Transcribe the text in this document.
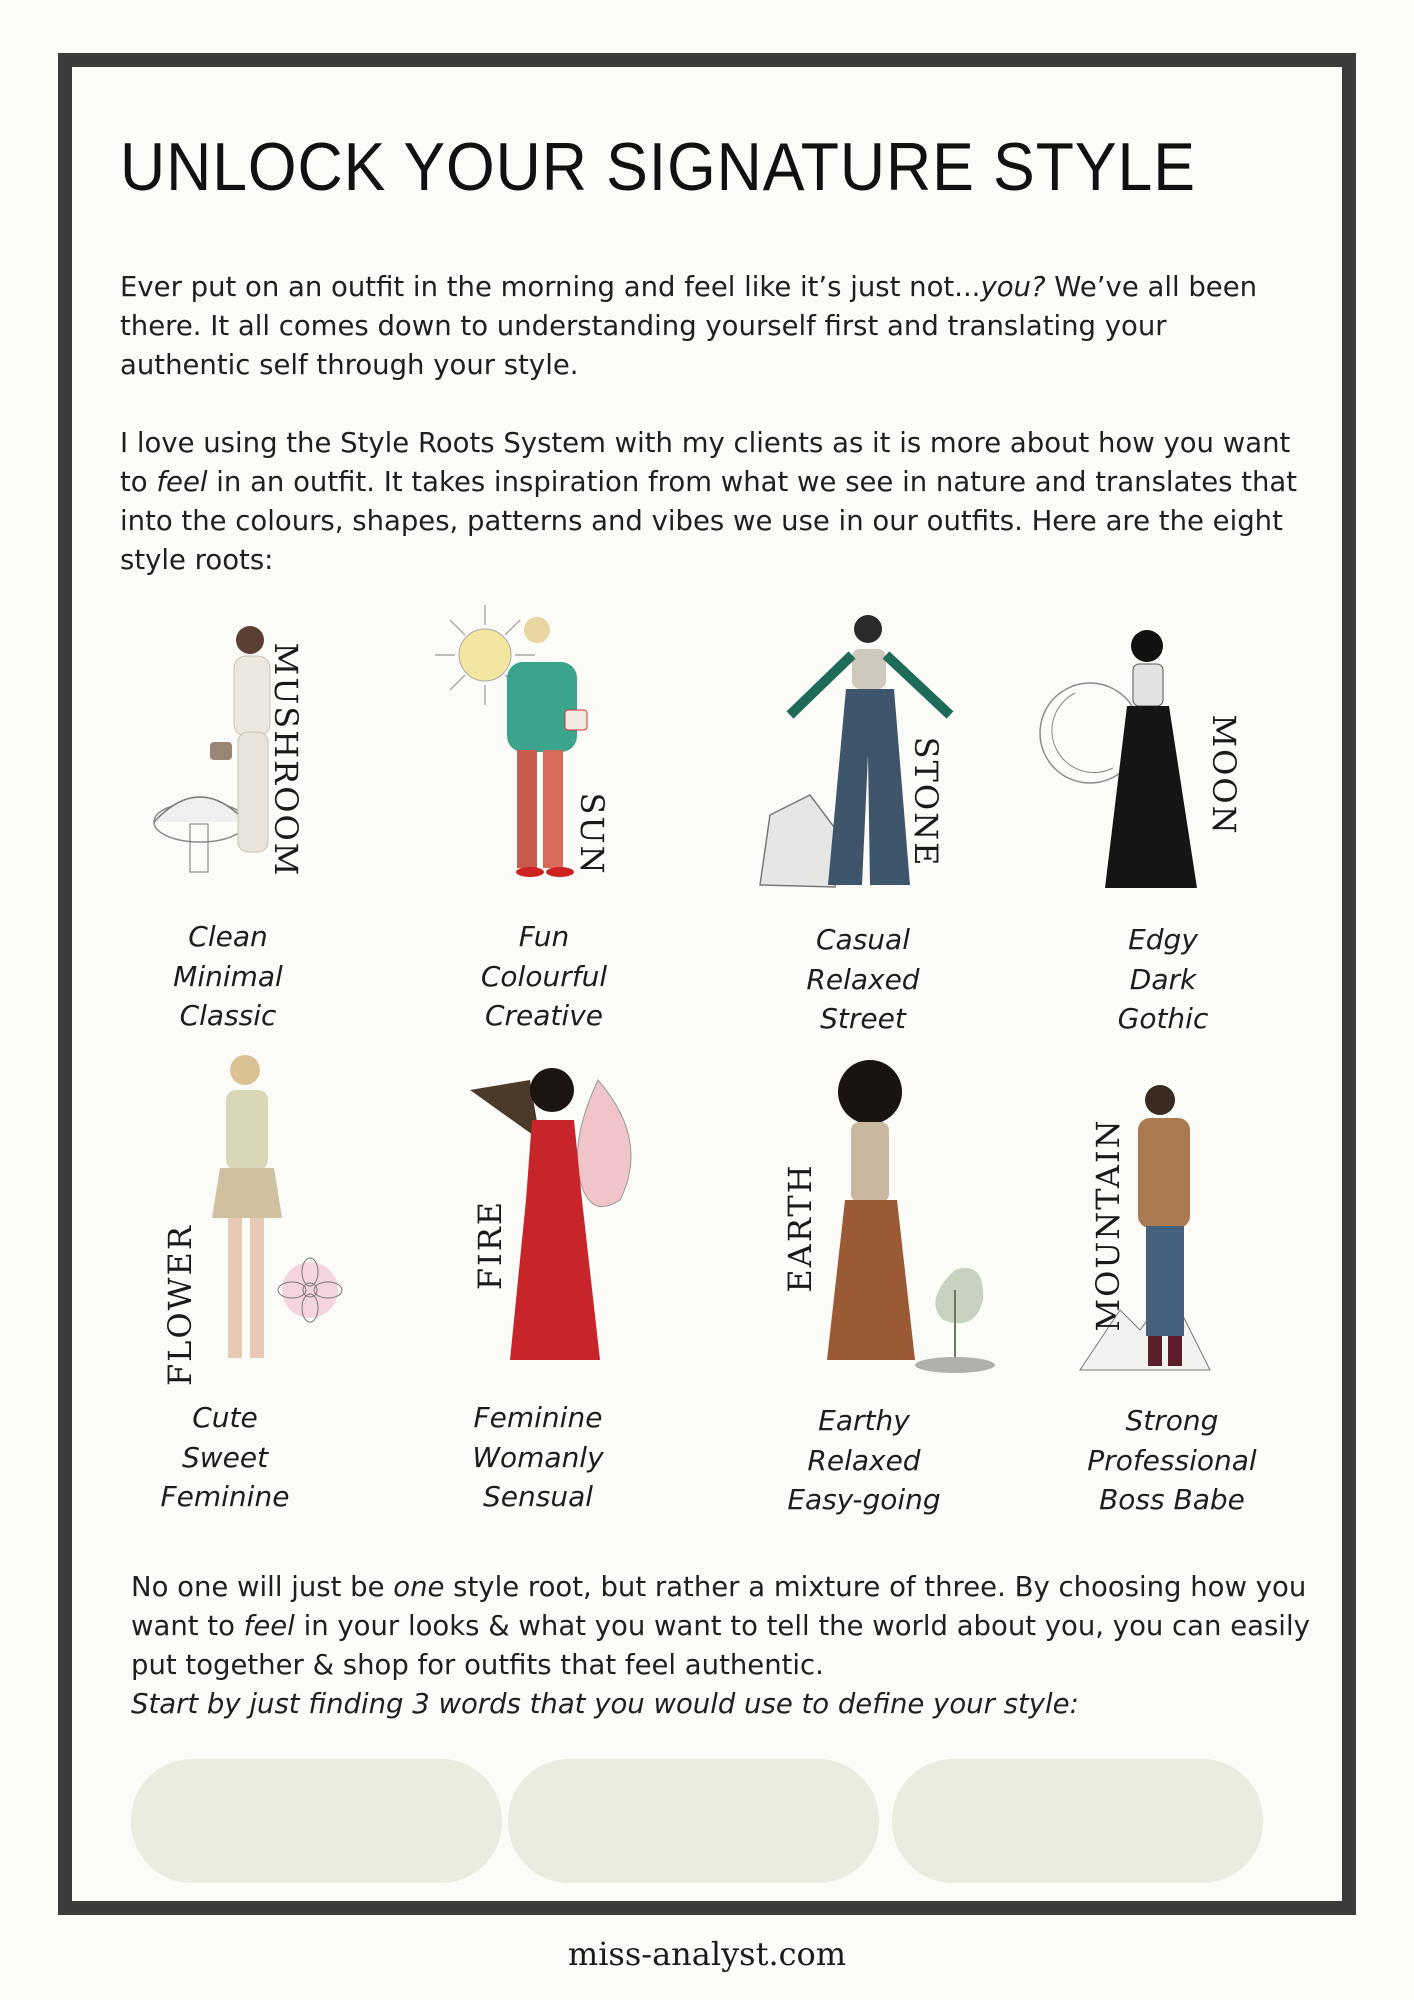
UNLOCK YOUR SIGNATURE STYLE

Ever put on an outfit in the morning and feel like it’s just not...you? We’ve all been there. It all comes down to understanding yourself first and translating your authentic self through your style.

I love using the Style Roots System with my clients as it is more about how you want to feel in an outfit. It takes inspiration from what we see in nature and translates that into the colours, shapes, patterns and vibes we use in our outfits. Here are the eight style roots:

MUSHROOM
Clean
Minimal
Classic
SUN
Fun
Colourful
Creative
STONE
Casual
Relaxed
Street
MOON
Edgy
Dark
Gothic
FLOWER
Cute
Sweet
Feminine
FIRE
Feminine
Womanly
Sensual
EARTH
Earthy
Relaxed
Easy-going
MOUNTAIN
Strong
Professional
Boss Babe

No one will just be one style root, but rather a mixture of three. By choosing how you want to feel in your looks & what you want to tell the world about you, you can easily put together & shop for outfits that feel authentic.
Start by just finding 3 words that you would use to define your style:

miss-analyst.com
